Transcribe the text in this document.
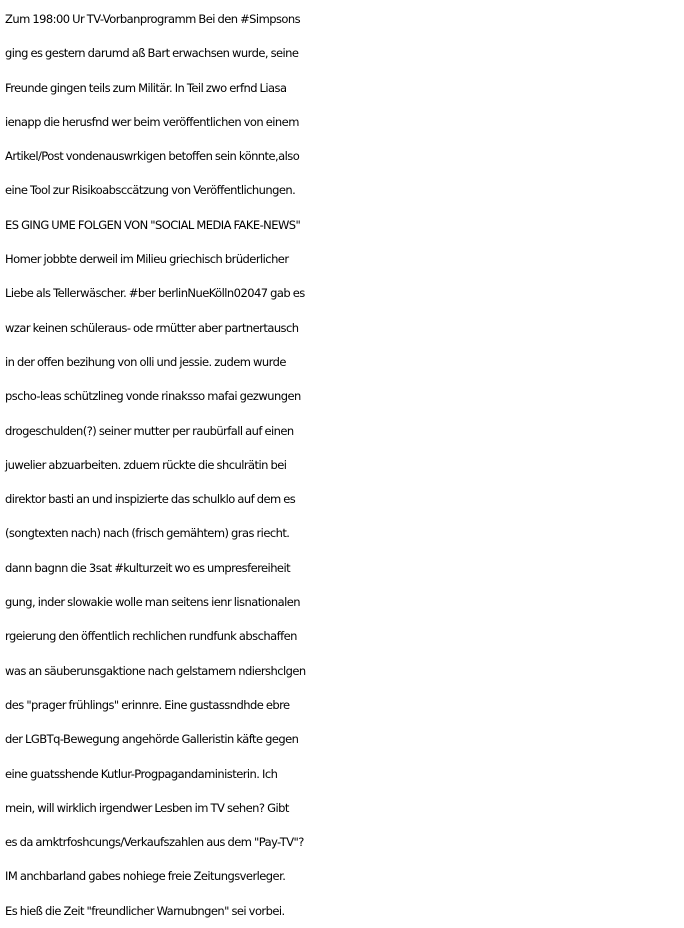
Zum 198:00 Ur TV-Vorbanprogramm Bei den #Simpsons
ging es gestern darumd aß Bart erwachsen wurde, seine
Freunde gingen teils zum Militär. In Teil zwo erfnd Liasa
ienapp die herusfnd wer beim veröffentlichen von einem
Artikel/Post vondenauswrkigen betoffen sein könnte,also
eine Tool zur Risikoabsccätzung von Veröffentlichungen.
ES GING UME FOLGEN VON "SOCIAL MEDIA FAKE-NEWS"
Homer jobbte derweil im Milieu griechisch brüderlicher
Liebe als Tellerwäscher. #ber berlinNueKölln02047 gab es
wzar keinen schüleraus- ode rmütter aber partnertausch
in der offen bezihung von olli und jessie. zudem wurde
pscho-leas schützlineg vonde rinaksso mafai gezwungen
drogeschulden(?) seiner mutter per raubürfall auf einen
juwelier abzuarbeiten. zduem rückte die shculrätin bei
direktor basti an und inspizierte das schulklo auf dem es
(songtexten nach) nach (frisch gemähtem) gras riecht.
dann bagnn die 3sat #kulturzeit wo es umpresfereiheit
gung, inder slowakie wolle man seitens ienr lisnationalen
rgeierung den öffentlich rechlichen rundfunk abschaffen
was an säuberunsgaktione nach gelstamem ndiershclgen
des "prager frühlings" erinnre. Eine gustassndhde ebre
der LGBTq-Bewegung angehörde Galleristin käfte gegen
eine guatsshende Kutlur-Progpagandaministerin. Ich
mein, will wirklich irgendwer Lesben im TV sehen? Gibt
es da amktrfoshcungs/Verkaufszahlen aus dem "Pay-TV"?
IM anchbarland gabes nohiege freie Zeitungsverleger.
Es hieß die Zeit "freundlicher Warnubngen" sei vorbei.
